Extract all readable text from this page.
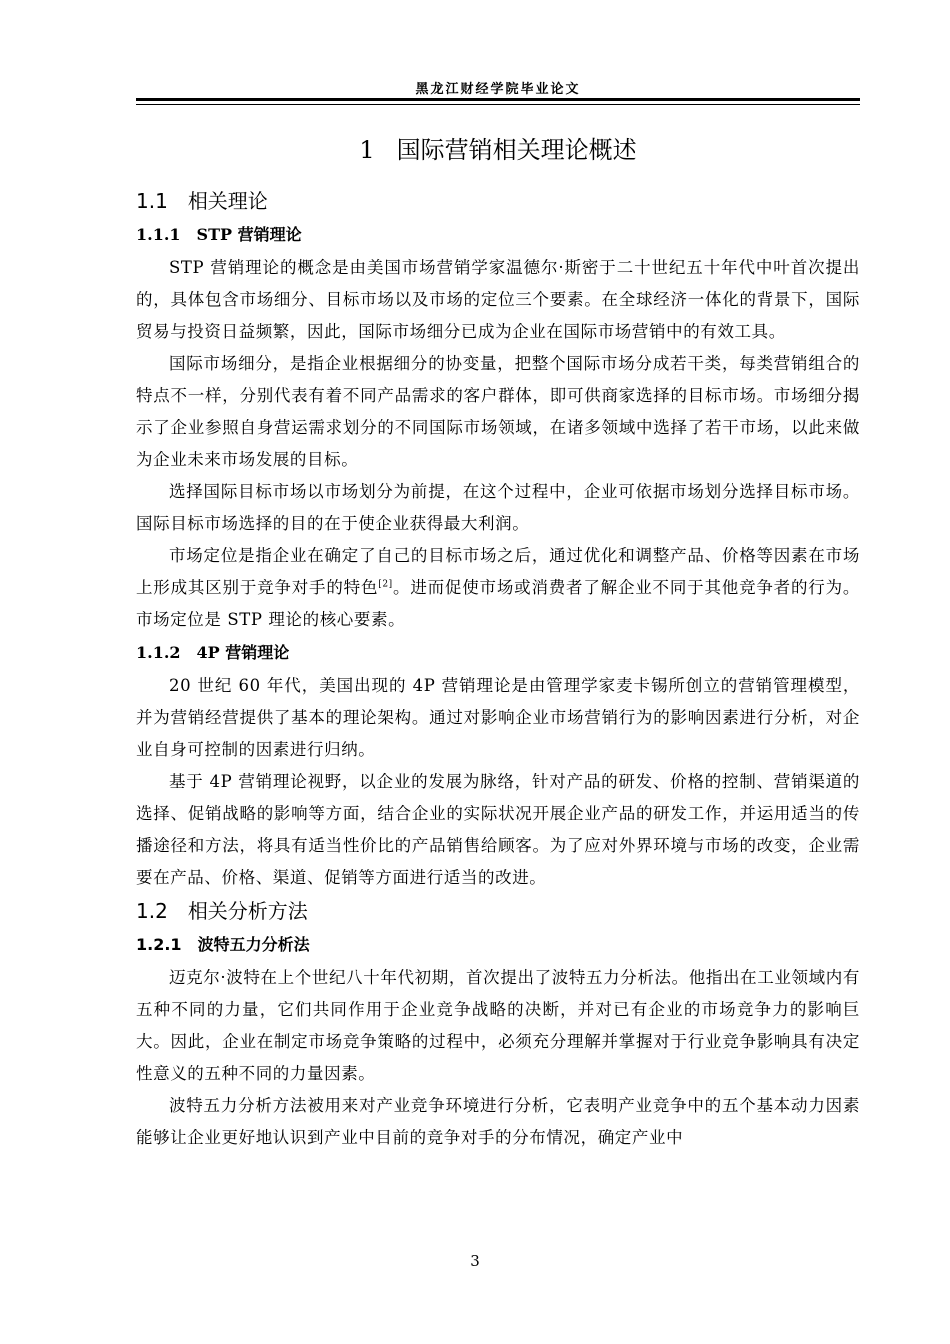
黑龙江财经学院毕业论文
1 国际营销相关理论概述
1.1 相关理论
1.1.1 STP 营销理论

STP 营销理论的概念是由美国市场营销学家温德尔·斯密于二十世纪五十年代中叶首次提出的，具体包含市场细分、目标市场以及市场的定位三个要素。在全球经济一体化的背景下，国际贸易与投资日益频繁，因此，国际市场细分已成为企业在国际市场营销中的有效工具。

国际市场细分，是指企业根据细分的协变量，把整个国际市场分成若干类，每类营销组合的特点不一样，分别代表有着不同产品需求的客户群体，即可供商家选择的目标市场。市场细分揭示了企业参照自身营运需求划分的不同国际市场领域，在诸多领域中选择了若干市场，以此来做为企业未来市场发展的目标。

选择国际目标市场以市场划分为前提，在这个过程中，企业可依据市场划分选择目标市场。国际目标市场选择的目的在于使企业获得最大利润。

市场定位是指企业在确定了自己的目标市场之后，通过优化和调整产品、价格等因素在市场上形成其区别于竞争对手的特色[2]。进而促使市场或消费者了解企业不同于其他竞争者的行为。市场定位是 STP 理论的核心要素。

1.1.2 4P 营销理论

20 世纪 60 年代，美国出现的 4P 营销理论是由管理学家麦卡锡所创立的营销管理模型，并为营销经营提供了基本的理论架构。通过对影响企业市场营销行为的影响因素进行分析，对企业自身可控制的因素进行归纳。

基于 4P 营销理论视野，以企业的发展为脉络，针对产品的研发、价格的控制、营销渠道的选择、促销战略的影响等方面，结合企业的实际状况开展企业产品的研发工作，并运用适当的传播途径和方法，将具有适当性价比的产品销售给顾客。为了应对外界环境与市场的改变，企业需要在产品、价格、渠道、促销等方面进行适当的改进。

1.2 相关分析方法
1.2.1 波特五力分析法

迈克尔·波特在上个世纪八十年代初期，首次提出了波特五力分析法。他指出在工业领域内有五种不同的力量，它们共同作用于企业竞争战略的决断，并对已有企业的市场竞争力的影响巨大。因此，企业在制定市场竞争策略的过程中，必须充分理解并掌握对于行业竞争影响具有决定性意义的五种不同的力量因素。

波特五力分析方法被用来对产业竞争环境进行分析，它表明产业竞争中的五个基本动力因素能够让企业更好地认识到产业中目前的竞争对手的分布情况，确定产业中

3
